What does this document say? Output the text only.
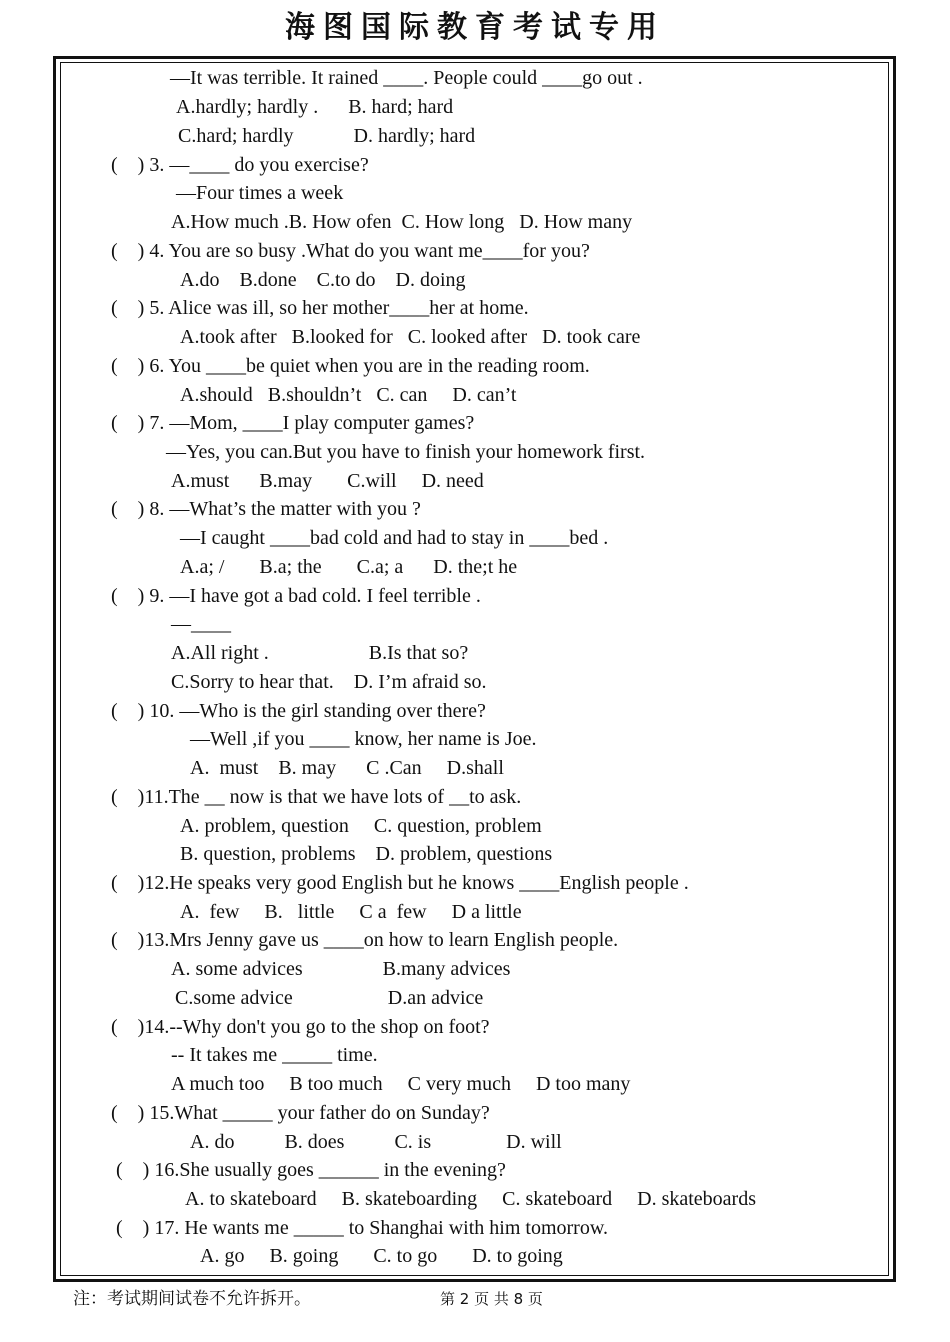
海图国际教育考试专用
—It was terrible. It rained ____. People could ____go out .
A.hardly; hardly .      B. hard; hard
C.hard; hardly            D. hardly; hard
(    ) 3. —____ do you exercise?
—Four times a week
A.How much .B. How ofen  C. How long   D. How many
(    ) 4. You are so busy .What do you want me____for you?
A.do    B.done    C.to do    D. doing
(    ) 5. Alice was ill, so her mother____her at home.
A.took after   B.looked for   C. looked after   D. took care
(    ) 6. You ____be quiet when you are in the reading room.
A.should   B.shouldn’t   C. can     D. can’t
(    ) 7. —Mom, ____I play computer games?
—Yes, you can.But you have to finish your homework first.
A.must      B.may       C.will     D. need
(    ) 8. —What’s the matter with you ?
—I caught ____bad cold and had to stay in ____bed .
A.a; /       B.a; the       C.a; a      D. the;t he
(    ) 9. —I have got a bad cold. I feel terrible .
—____
A.All right .                    B.Is that so?
C.Sorry to hear that.    D. I’m afraid so.
(    ) 10. —Who is the girl standing over there?
—Well ,if you ____ know, her name is Joe.
A.  must    B. may      C .Can     D.shall
(    )11.The __ now is that we have lots of __to ask.
A. problem, question     C. question, problem
B. question, problems    D. problem, questions
(    )12.He speaks very good English but he knows ____English people .
A.  few     B.   little     C a  few     D a little
(    )13.Mrs Jenny gave us ____on how to learn English people.
A. some advices                B.many advices
C.some advice                   D.an advice
(    )14.--Why don't you go to the shop on foot?
-- It takes me _____ time.
A much too     B too much     C very much     D too many
(    ) 15.What _____ your father do on Sunday?
A. do          B. does          C. is               D. will
(    ) 16.She usually goes ______ in the evening?
A. to skateboard     B. skateboarding     C. skateboard     D. skateboards
(    ) 17. He wants me _____ to Shanghai with him tomorrow.
A. go     B. going       C. to go       D. to going
注：考试期间试卷不允许拆开。	第 2 页 共 8 页
